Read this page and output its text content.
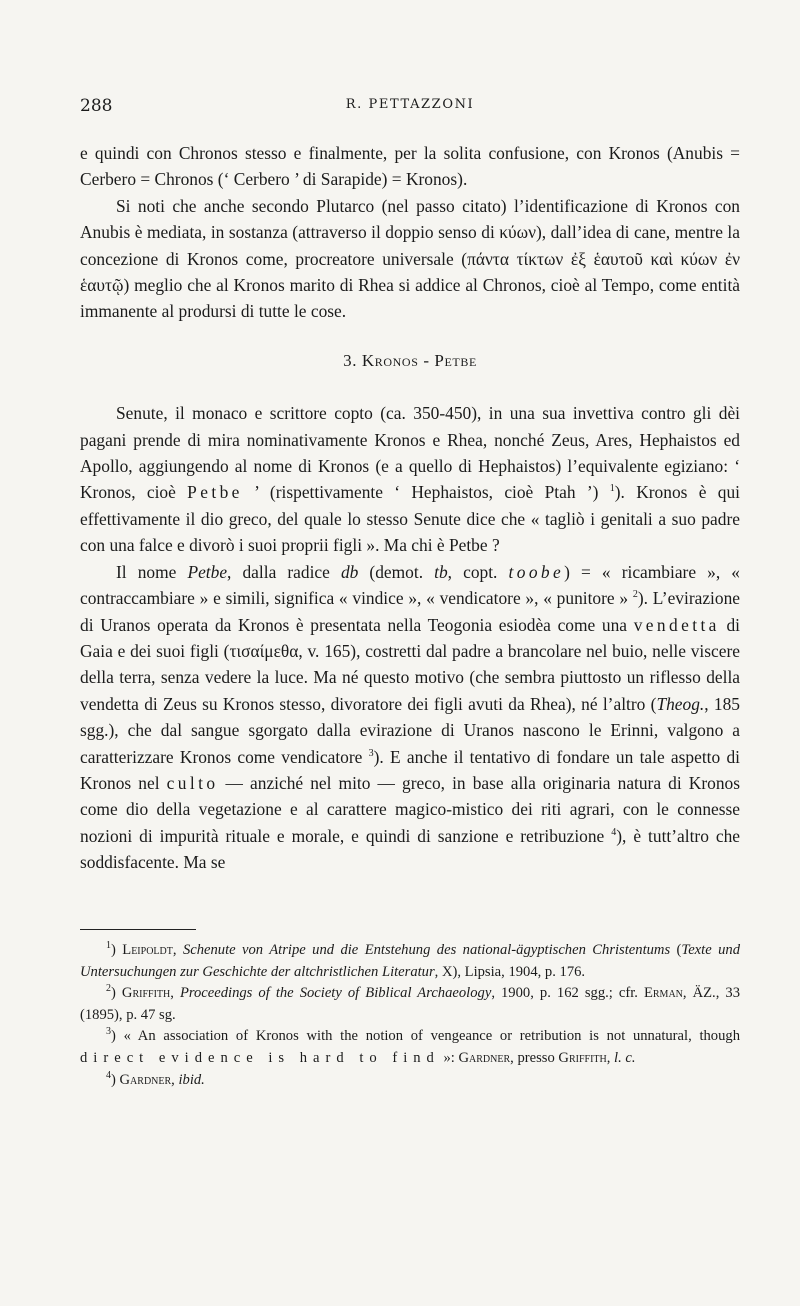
288	R. PETTAZZONI

e quindi con Chronos stesso e finalmente, per la solita confusione, con Kronos (Anubis = Cerbero = Chronos (‘ Cerbero ’ di Sarapide) = Kronos).

Si noti che anche secondo Plutarco (nel passo citato) l’identificazione di Kronos con Anubis è mediata, in sostanza (attraverso il doppio senso di κύων), dall’idea di cane, mentre la concezione di Kronos come, procreatore universale (πάντα τίκτων ἐξ ἑαυτοῦ καὶ κύων ἐν ἑαυτῷ) meglio che al Kronos marito di Rhea si addice al Chronos, cioè al Tempo, come entità immanente al prodursi di tutte le cose.

3. Kronos - Petbe

Senute, il monaco e scrittore copto (ca. 350-450), in una sua invettiva contro gli dèi pagani prende di mira nominativamente Kronos e Rhea, nonché Zeus, Ares, Hephaistos ed Apollo, aggiungendo al nome di Kronos (e a quello di Hephaistos) l’equivalente egiziano: ‘ Kronos, cioè Petbe ’ (rispettivamente ‘ Hephaistos, cioè Ptah ’) $^1$). Kronos è qui effettivamente il dio greco, del quale lo stesso Senute dice che « tagliò i genitali a suo padre con una falce e divorò i suoi proprii figli ». Ma chi è Petbe ?

Il nome Petbe, dalla radice db (demot. tb, copt. toobe) = « ricambiare », « contraccambiare » e simili, significa « vindice », « vendicatore », « punitore » $^2$). L’evirazione di Uranos operata da Kronos è presentata nella Teogonia esiodèa come una vendetta di Gaia e dei suoi figli (τισαίμεθα, v. 165), costretti dal padre a brancolare nel buio, nelle viscere della terra, senza vedere la luce. Ma né questo motivo (che sembra piuttosto un riflesso della vendetta di Zeus su Kronos stesso, divoratore dei figli avuti da Rhea), né l’altro (Theog., 185 sgg.), che dal sangue sgorgato dalla evirazione di Uranos nascono le Erinni, valgono a caratterizzare Kronos come vendicatore $^3$). E anche il tentativo di fondare un tale aspetto di Kronos nel culto — anziché nel mito — greco, in base alla originaria natura di Kronos come dio della vegetazione e al carattere magico-mistico dei riti agrari, con le connesse nozioni di impurità rituale e morale, e quindi di sanzione e retribuzione $^4$), è tutt’altro che soddisfacente. Ma se

$^1$) Leipoldt, Schenute von Atripe und die Entstehung des national-ägyptischen Christentums (Texte und Untersuchungen zur Geschichte der altchristlichen Literatur, X), Lipsia, 1904, p. 176.

$^2$) Griffith, Proceedings of the Society of Biblical Archaeology, 1900, p. 162 sgg.; cfr. Erman, ÄZ., 33 (1895), p. 47 sg.

$^3$) « An association of Kronos with the notion of vengeance or retribution is not unnatural, though direct evidence is hard to find »: Gardner, presso Griffith, l. c.

$^4$) Gardner, ibid.
